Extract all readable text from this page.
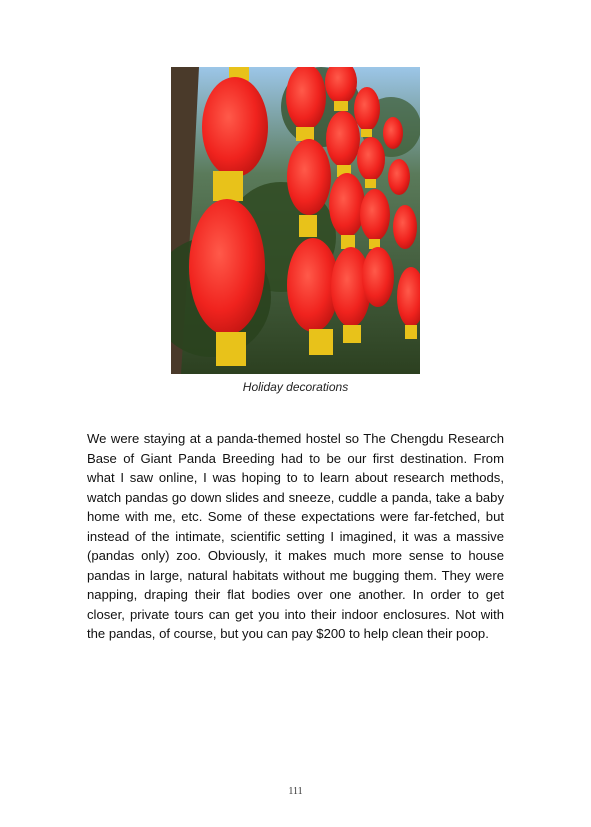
Holiday decorations

We were staying at a panda-themed hostel so The Chengdu Research Base of Giant Panda Breeding had to be our first destination. From what I saw online, I was hoping to to learn about research methods, watch pandas go down slides and sneeze, cuddle a panda, take a baby home with me, etc. Some of these expectations were far-fetched, but instead of the intimate, scientific setting I imagined, it was a massive (pandas only) zoo. Obviously, it makes much more sense to house pandas in large, natural habitats without me bugging them. They were napping, draping their flat bodies over one another. In order to get closer, private tours can get you into their indoor enclosures. Not with the pandas, of course, but you can pay $200 to help clean their poop.

111
